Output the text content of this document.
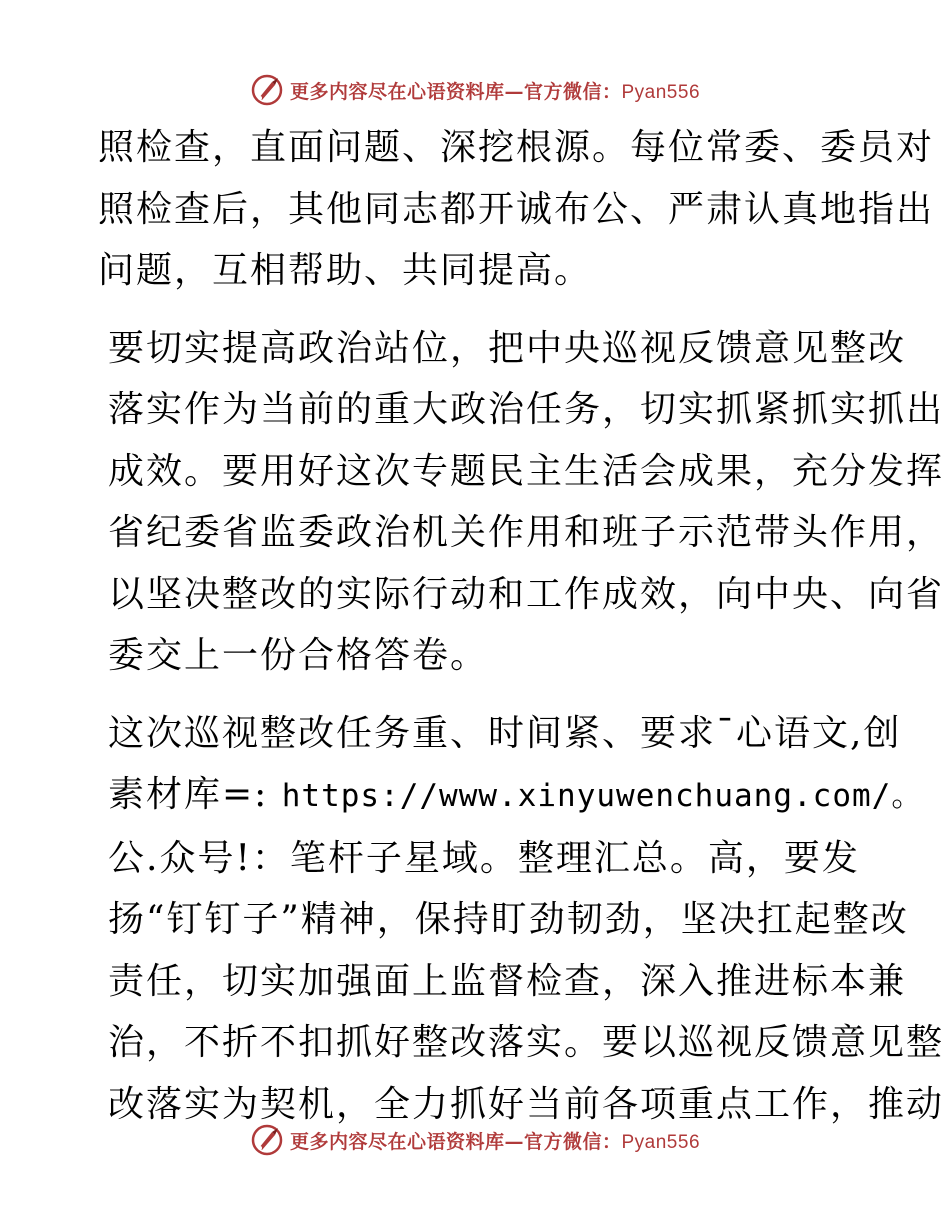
更多内容尽在心语资料库—官方微信：Pyan556

照检查，直面问题、深挖根源。每位常委、委员对
照检查后，其他同志都开诚布公、严肃认真地指出
问题，互相帮助、共同提高。

要切实提高政治站位，把中央巡视反馈意见整改
落实作为当前的重大政治任务，切实抓紧抓实抓出
成效。要用好这次专题民主生活会成果，充分发挥
省纪委省监委政治机关作用和班子示范带头作用，
以坚决整改的实际行动和工作成效，向中央、向省
委交上一份合格答卷。

这次巡视整改任务重、时间紧、要求¯心语文,创
素材库=: https://www.xinyuwenchuang.com/。
公.众号!：笔杆子星域。整理汇总。高，要发
扬“钉钉子”精神，保持盯劲韧劲，坚决扛起整改
责任，切实加强面上监督检查，深入推进标本兼
治，不折不扣抓好整改落实。要以巡视反馈意见整
改落实为契机，全力抓好当前各项重点工作，推动

更多内容尽在心语资料库—官方微信：Pyan556
